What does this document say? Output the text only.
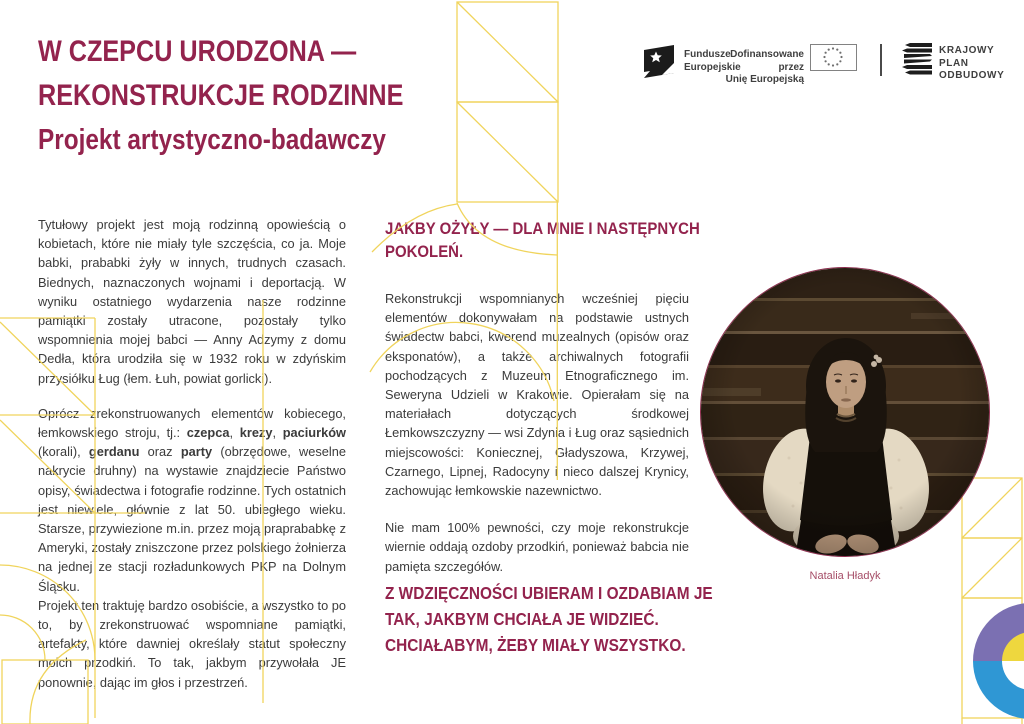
W CZEPCU URODZONA —
REKONSTRUKCJE RODZINNE
Projekt artystyczno-badawczy
Fundusze
Europejskie
Dofinansowane przez
Unię Europejską
KRAJOWY
PLAN
ODBUDOWY

Tytułowy projekt jest moją rodzinną opowieścią o kobietach, które nie miały tyle szczęścia, co ja. Moje babki, prababki żyły w innych, trudnych czasach. Biednych, naznaczonych wojnami i deportacją. W wyniku ostatniego wydarzenia nasze rodzinne pamiątki zostały utracone, pozostały tylko wspomnienia mojej babci — Anny Adzymy z domu Dedła, która urodziła się w 1932 roku w zdyńskim przysiółku Ług (łem. Łuh, powiat gorlicki).

Oprócz zrekonstruowanych elementów kobiecego, łemkowskiego stroju, tj.: czepca, krezy, paciurków (korali), gerdanu oraz party (obrzędowe, weselne nakrycie druhny) na wystawie znajdziecie Państwo opisy, świadectwa i fotografie rodzinne. Tych ostatnich jest niewiele, głównie z lat 50. ubiegłego wieku. Starsze, przywiezione m.in. przez moją praprababkę z Ameryki, zostały zniszczone przez polskiego żołnierza na jednej ze stacji rozładunkowych PKP na Dolnym Śląsku.

Projekt ten traktuję bardzo osobiście, a wszystko to po to, by zrekonstruować wspomniane pamiątki, artefakty, które dawniej określały statut społeczny moich przodkiń. To tak, jakbym przywołała JE ponownie, dając im głos i przestrzeń.

JAKBY OŻYŁY — DLA MNIE I NASTĘPNYCH
POKOLEŃ.

Rekonstrukcji wspomnianych wcześniej pięciu elementów dokonywałam na podstawie ustnych świadectw babci, kwerend muzealnych (opisów oraz eksponatów), a także archiwalnych fotografii pochodzących z Muzeum Etnograficznego im. Seweryna Udzieli w Krakowie. Opierałam się na materiałach dotyczących środkowej Łemkowszczyzny — wsi Zdynia i Ług oraz sąsiednich miejscowości: Koniecznej, Gładyszowa, Krzywej, Czarnego, Lipnej, Radocyny i nieco dalszej Krynicy, zachowując łemkowskie nazewnictwo.

Nie mam 100% pewności, czy moje rekonstrukcje wiernie oddają ozdoby przodkiń, ponieważ babcia nie pamięta szczegółów.

Z WDZIĘCZNOŚCI UBIERAM I OZDABIAM JE
TAK, JAKBYM CHCIAŁA JE WIDZIEĆ.
CHCIAŁABYM, ŻEBY MIAŁY WSZYSTKO.

Natalia Hładyk
